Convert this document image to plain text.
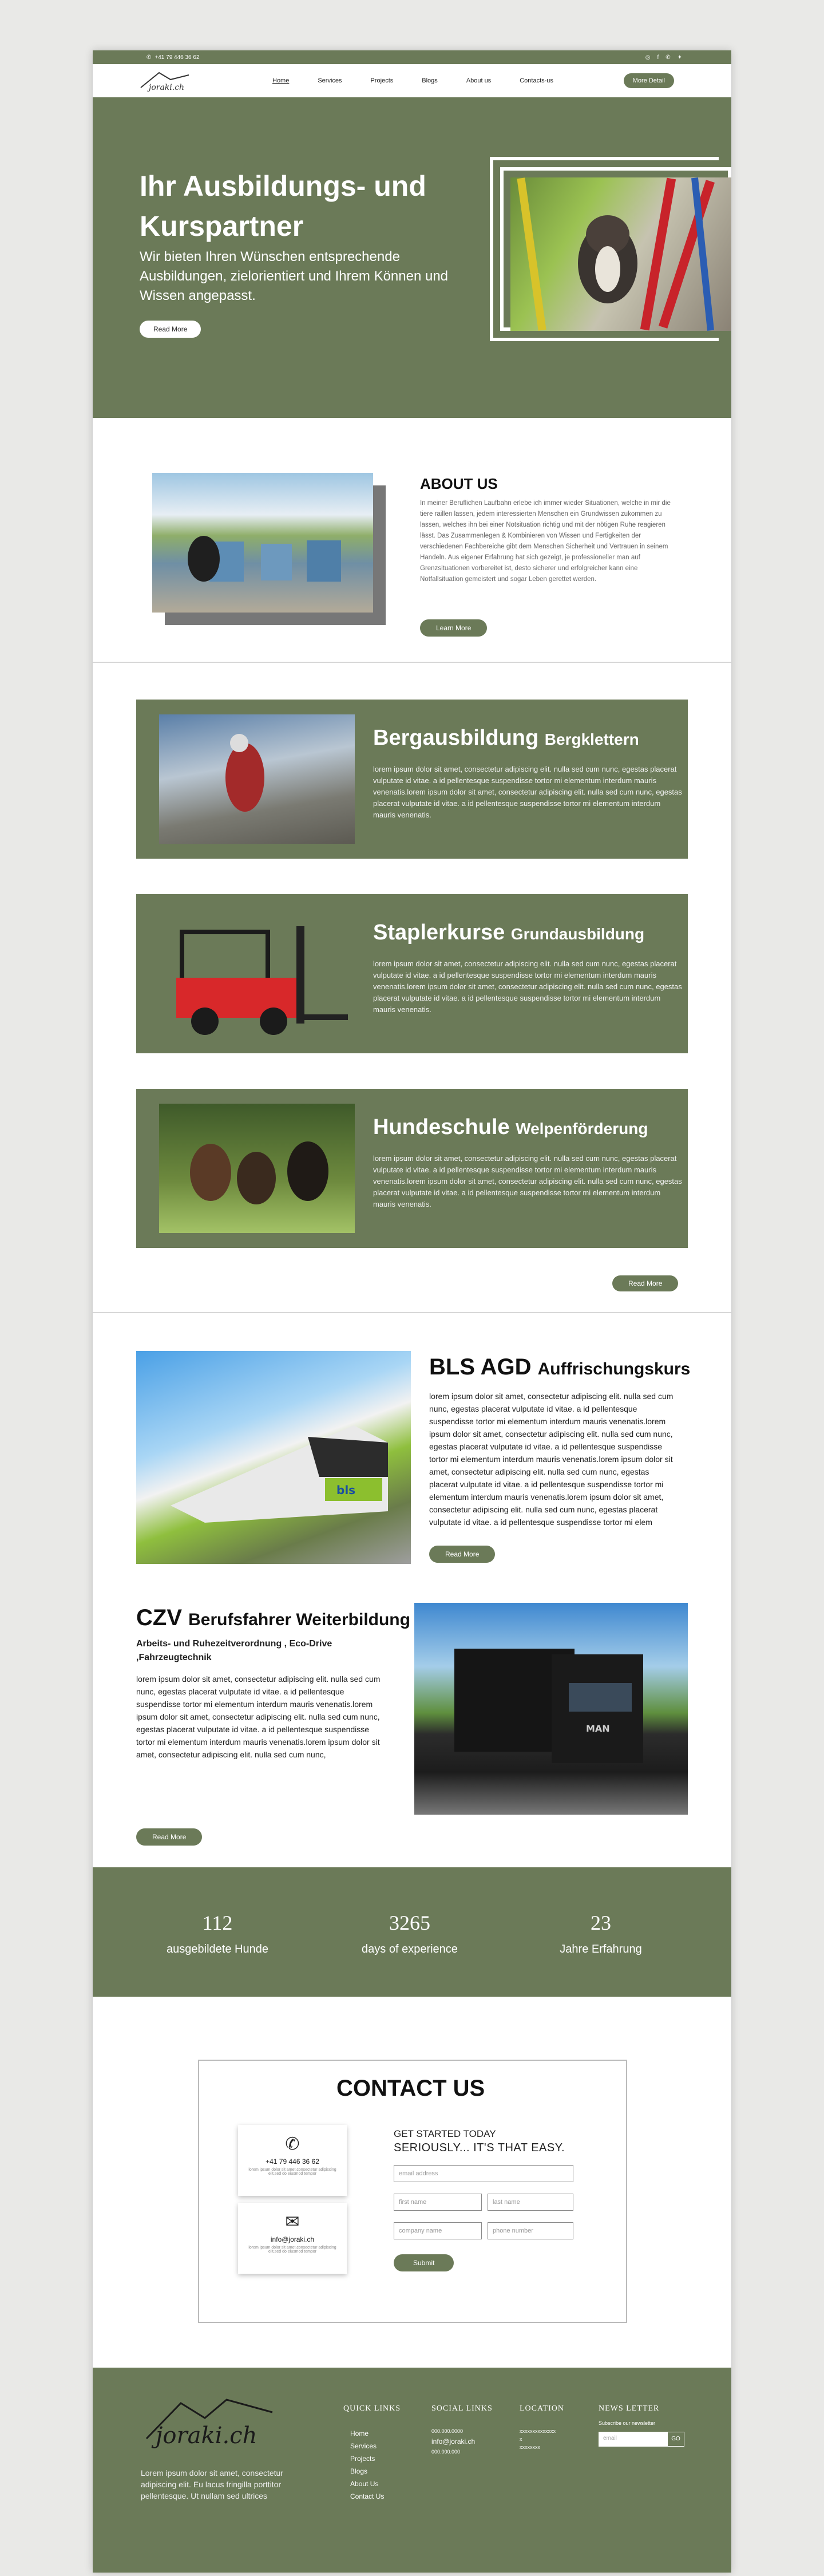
✆ +41 79 446 36 62	◎ f ✆ ✦
joraki.ch
Home	Services	Projects	Blogs	About us	Contacts-us	More Detail
Ihr Ausbildungs- und Kurspartner

Wir bieten Ihren Wünschen entsprechende Ausbildungen, zielorientiert und Ihrem Können und Wissen angepasst.

Read More
ABOUT US

In meiner Beruflichen Laufbahn erlebe ich immer wieder Situationen, welche in mir die tiere raillen lassen, jedem interessierten Menschen ein Grundwissen zukommen zu lassen, welches ihn bei einer Notsituation richtig und mit der nötigen Ruhe reagieren lässt. Das Zusammenlegen & Kombinieren von Wissen und Fertigkeiten der verschiedenen Fachbereiche gibt dem Menschen Sicherheit und Vertrauen in seinem Handeln. Aus eigener Erfahrung hat sich gezeigt, je professioneller man auf Grenzsituationen vorbereitet ist, desto sicherer und erfolgreicher kann eine Notfallsituation gemeistert und sogar Leben gerettet werden.

Learn More
Bergausbildung Bergklettern

lorem ipsum dolor sit amet, consectetur adipiscing elit. nulla sed cum nunc, egestas placerat vulputate id vitae. a id pellentesque suspendisse tortor mi elementum interdum mauris venenatis.lorem ipsum dolor sit amet, consectetur adipiscing elit. nulla sed cum nunc, egestas placerat vulputate id vitae. a id pellentesque suspendisse tortor mi elementum interdum mauris venenatis.

Staplerkurse Grundausbildung

lorem ipsum dolor sit amet, consectetur adipiscing elit. nulla sed cum nunc, egestas placerat vulputate id vitae. a id pellentesque suspendisse tortor mi elementum interdum mauris venenatis.lorem ipsum dolor sit amet, consectetur adipiscing elit. nulla sed cum nunc, egestas placerat vulputate id vitae. a id pellentesque suspendisse tortor mi elementum interdum mauris venenatis.

Hundeschule Welpenförderung

lorem ipsum dolor sit amet, consectetur adipiscing elit. nulla sed cum nunc, egestas placerat vulputate id vitae. a id pellentesque suspendisse tortor mi elementum interdum mauris venenatis.lorem ipsum dolor sit amet, consectetur adipiscing elit. nulla sed cum nunc, egestas placerat vulputate id vitae. a id pellentesque suspendisse tortor mi elementum interdum mauris venenatis.

Read More
bls
BLS AGD Auffrischungskurs

lorem ipsum dolor sit amet, consectetur adipiscing elit. nulla sed cum nunc, egestas placerat vulputate id vitae. a id pellentesque suspendisse tortor mi elementum interdum mauris venenatis.lorem ipsum dolor sit amet, consectetur adipiscing elit. nulla sed cum nunc, egestas placerat vulputate id vitae. a id pellentesque suspendisse tortor mi elementum interdum mauris venenatis.lorem ipsum dolor sit amet, consectetur adipiscing elit. nulla sed cum nunc, egestas placerat vulputate id vitae. a id pellentesque suspendisse tortor mi elementum interdum mauris venenatis.lorem ipsum dolor sit amet, consectetur adipiscing elit. nulla sed cum nunc, egestas placerat vulputate id vitae. a id pellentesque suspendisse tortor mi elem

Read More
CZV Berufsfahrer Weiterbildung
Arbeits- und Ruhezeitverordnung , Eco-Drive ,Fahrzeugtechnik

lorem ipsum dolor sit amet, consectetur adipiscing elit. nulla sed cum nunc, egestas placerat vulputate id vitae. a id pellentesque suspendisse tortor mi elementum interdum mauris venenatis.lorem ipsum dolor sit amet, consectetur adipiscing elit. nulla sed cum nunc, egestas placerat vulputate id vitae. a id pellentesque suspendisse tortor mi elementum interdum mauris venenatis.lorem ipsum dolor sit amet, consectetur adipiscing elit. nulla sed cum nunc,

Read More
MAN
112
ausgebildete Hunde
3265
days of experience
23
Jahre Erfahrung
CONTACT US
✆
+41 79 446 36 62
lorem ipsum dolor sit amet,consectetur adipiscing elit,sed do eiusmod tempor
✉
info@joraki.ch
lorem ipsum dolor sit amet,consectetur adipiscing elit,sed do eiusmod tempor
GET STARTED TODAY
SERIOUSLY... IT'S THAT EASY.
email address
first name	last name
company name	phone number
Submit
joraki.ch
Lorem ipsum dolor sit amet, consectetur adipiscing elit. Eu lacus fringilla porttitor pellentesque. Ut nullam sed ultrices
QUICK LINKS
Home
Services
Projects
Blogs
About Us
Contact Us
SOCIAL LINKS
000.000.0000
info@joraki.ch
000.000.000
LOCATION
xxxxxxxxxxxxxx
x
xxxxxxxx
NEWS LETTER
Subscribe our newsletter
email	GO
